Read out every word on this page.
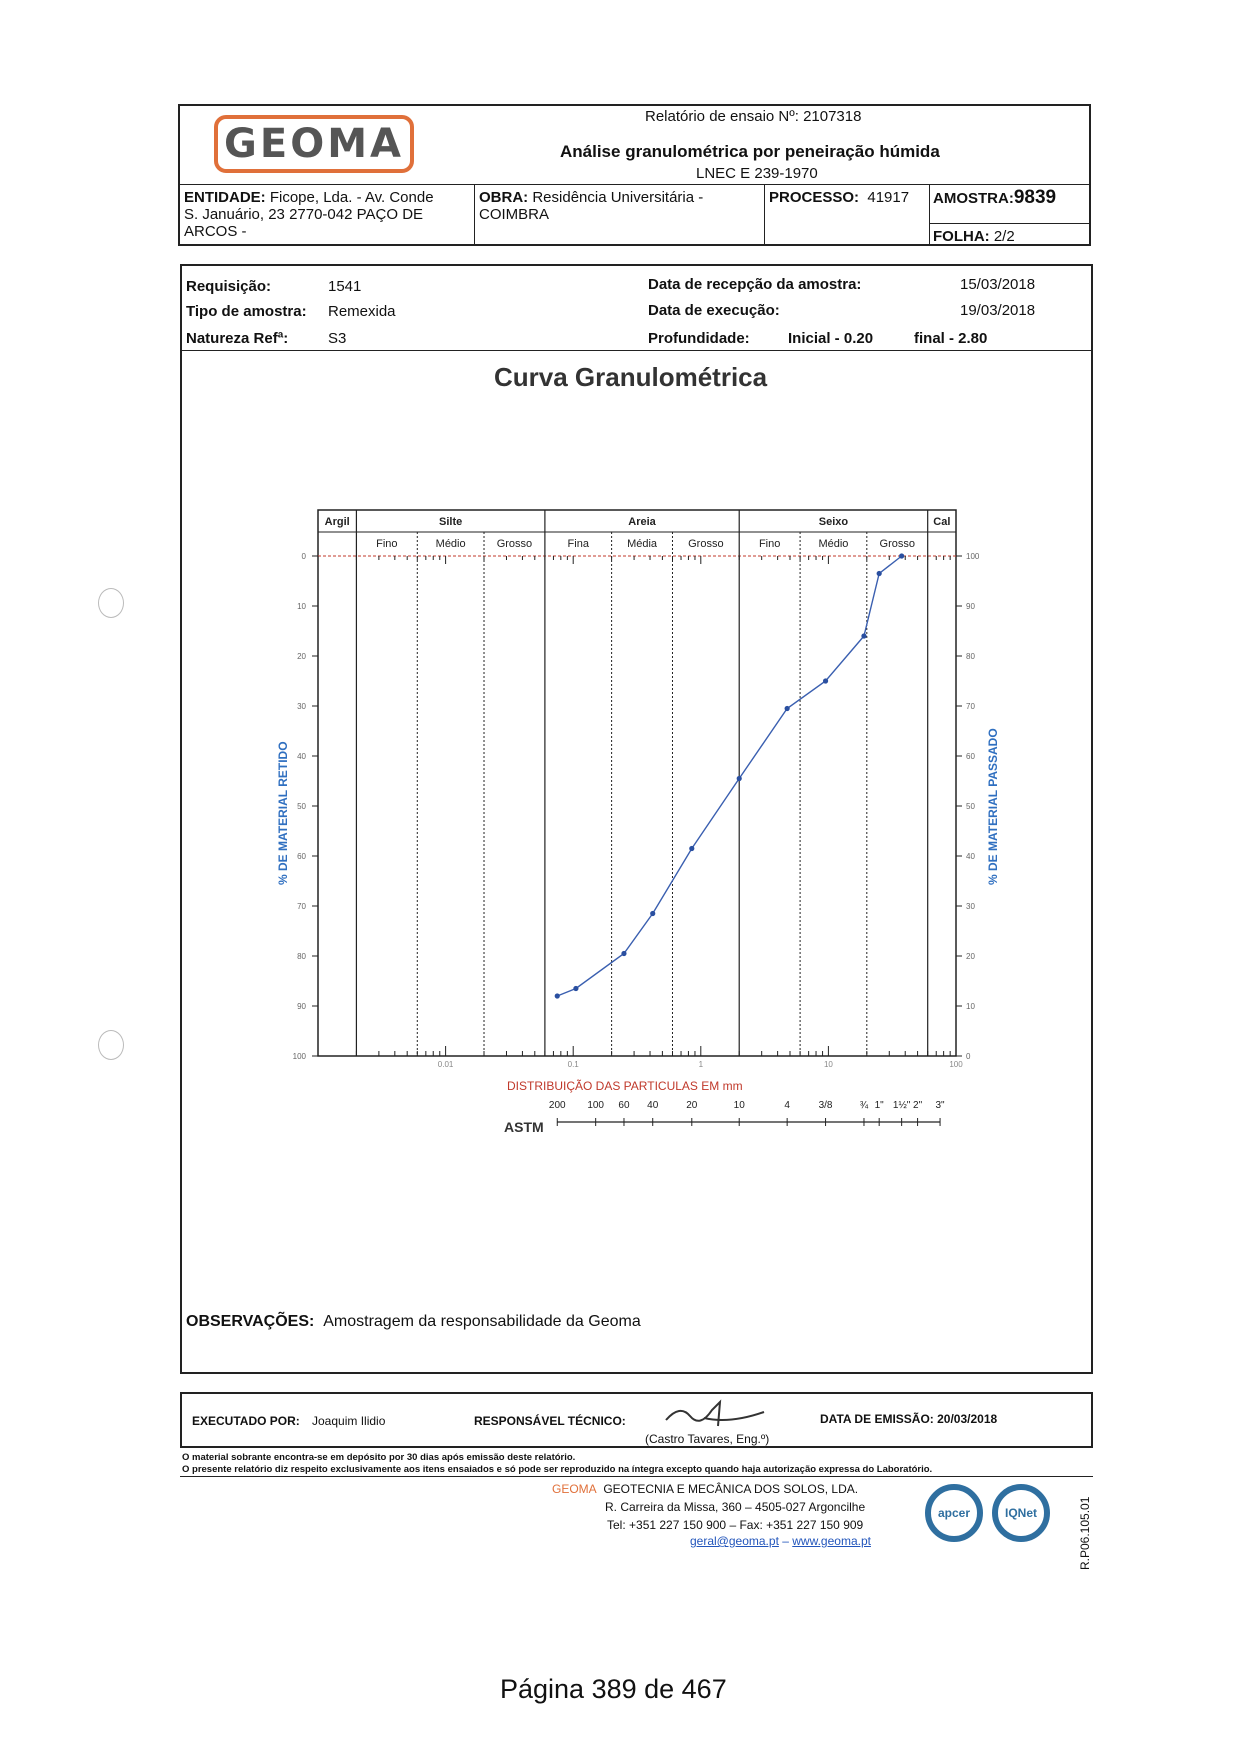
GEOMA
Relatório de ensaio Nº: 2107318
Análise granulométrica por peneiração húmida
LNEC E 239-1970
ENTIDADE: Ficope, Lda. - Av. Conde
S. Januário, 23 2770-042 PAÇO DE
ARCOS -
OBRA: Residência Universitária -
COIMBRA
PROCESSO: 41917 AMOSTRA:9839
FOLHA: 2/2
Requisição:	1541
Tipo de amostra: Remexida
Natureza Refª:	S3
Data de recepção da amostra:	15/03/2018
Data de execução:	19/03/2018
Profundidade:	Inicial - 0.20	final - 2.80
Curva Granulométrica
Argil	Silte	Areia	Seixo	Cal
Fino	Médio	Grosso	Fina	Média	Grosso	Fino	Médio	Grosso
0	100
10	90
20	80
30	70
40	60
50	50
60	40
70	30
80	20
90	10
100	0
0.01	0.1	1	10	100
200 100 60 40	20	10	4	3/8	¾ 1" 1½" 2" 3"
DISTRIBUIÇÃO DAS PARTICULAS EM mm
% DE MATERIAL RETIDO	% DE MATERIAL PASSADO
ASTM
OBSERVAÇÕES: Amostragem da responsabilidade da Geoma
EXECUTADO POR: Joaquim Ilidio	RESPONSÁVEL TÉCNICO:
(Castro Tavares, Eng.º)
DATA DE EMISSÃO: 20/03/2018
O material sobrante encontra-se em depósito por 30 dias após emissão deste relatório.
O presente relatório diz respeito exclusivamente aos itens ensaiados e só pode ser reproduzido na íntegra excepto quando haja autorização expressa do Laboratório.
GEOMA GEOTECNIA E MECÂNICA DOS SOLOS, LDA.
R. Carreira da Missa, 360 – 4505-027 Argoncilhe
Tel: +351 227 150 900 – Fax: +351 227 150 909
geral@geoma.pt – www.geoma.pt
apcer	IQNet	R.P06.105.01
Página 389 de 467
